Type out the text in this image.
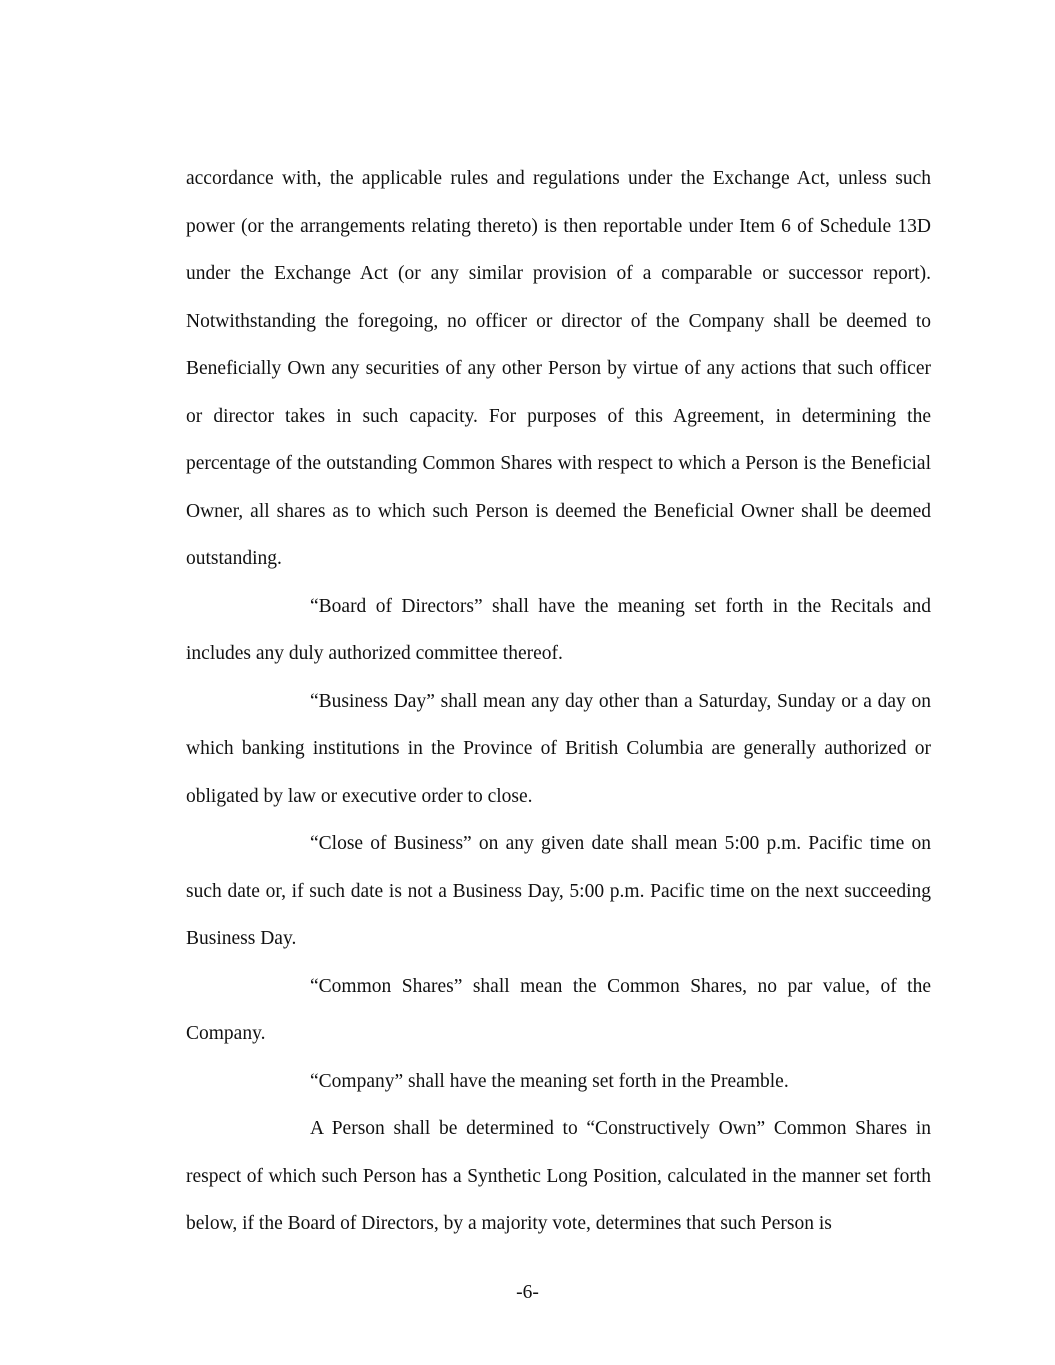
accordance with, the applicable rules and regulations under the Exchange Act, unless such power (or the arrangements relating thereto) is then reportable under Item 6 of Schedule 13D under the Exchange Act (or any similar provision of a comparable or successor report). Notwithstanding the foregoing, no officer or director of the Company shall be deemed to Beneficially Own any securities of any other Person by virtue of any actions that such officer or director takes in such capacity. For purposes of this Agreement, in determining the percentage of the outstanding Common Shares with respect to which a Person is the Beneficial Owner, all shares as to which such Person is deemed the Beneficial Owner shall be deemed outstanding.

“Board of Directors” shall have the meaning set forth in the Recitals and includes any duly authorized committee thereof.

“Business Day” shall mean any day other than a Saturday, Sunday or a day on which banking institutions in the Province of British Columbia are generally authorized or obligated by law or executive order to close.

“Close of Business” on any given date shall mean 5:00 p.m. Pacific time on such date or, if such date is not a Business Day, 5:00 p.m. Pacific time on the next succeeding Business Day.

“Common Shares” shall mean the Common Shares, no par value, of the Company.

“Company” shall have the meaning set forth in the Preamble.

A Person shall be determined to “Constructively Own” Common Shares in respect of which such Person has a Synthetic Long Position, calculated in the manner set forth below, if the Board of Directors, by a majority vote, determines that such Person is

-6-
